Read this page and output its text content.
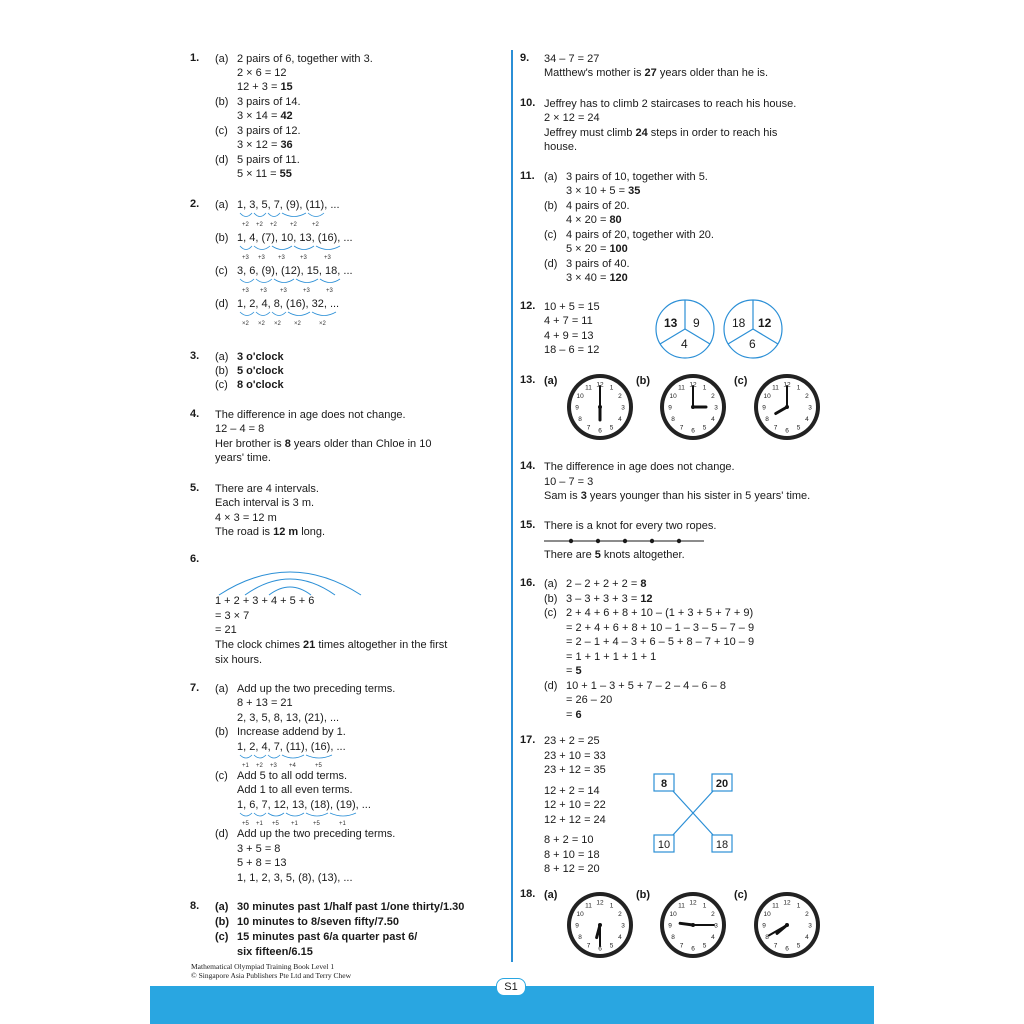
1. (a) 2 pairs of 6, together with 3.
2 × 6 = 12
12 + 3 = 15
(b) 3 pairs of 14.
3 × 14 = 42
(c) 3 pairs of 12.
3 × 12 = 36
(d) 5 pairs of 11.
5 × 11 = 55
2. (a) 1, 3, 5, 7, (9), (11), ...
+2 +2 +2 +2	+2
(b) 1, 4, (7), 10, 13, (16), ...
+3 +3 +3	+3	+3
(c) 3, 6, (9), (12), 15, 18, ...
+3 +3 +3	+3	+3
(d) 1, 2, 4, 8, (16), 32, ...
×2 ×2 ×2 ×2	×2
3. (a) 3 o'clock
(b) 5 o'clock
(c) 8 o'clock
4. The difference in age does not change.
12 – 4 = 8
Her brother is 8 years older than Chloe in 10
years' time.
5. There are 4 intervals.
Each interval is 3 m.
4 × 3 = 12 m
The road is 12 m long.
6.
1 + 2 + 3 + 4 + 5 + 6
= 3 × 7
= 21
The clock chimes 21 times altogether in the first
six hours.
7. (a) Add up the two preceding terms.
8 + 13 = 21
2, 3, 5, 8, 13, (21), ...
(b) Increase addend by 1.
1, 2, 4, 7, (11), (16), ...
+1 +2 +3 +4	+5
(c) Add 5 to all odd terms.
Add 1 to all even terms.
1, 6, 7, 12, 13, (18), (19), ...
+5 +1 +5 +1	+5	+1
(d) Add up the two preceding terms.
3 + 5 = 8
5 + 8 = 13
1, 1, 2, 3, 5, (8), (13), ...
8. (a) 30 minutes past 1/half past 1/one thirty/1.30
(b) 10 minutes to 8/seven fifty/7.50
(c) 15 minutes past 6/a quarter past 6/
six fifteen/6.15
9. 34 – 7 = 27
Matthew's mother is 27 years older than he is.
10. Jeffrey has to climb 2 staircases to reach his house.
2 × 12 = 24
Jeffrey must climb 24 steps in order to reach his
house.
11. (a) 3 pairs of 10, together with 5.
3 × 10 + 5 = 35
(b) 4 pairs of 20.
4 × 20 = 80
(c) 4 pairs of 20, together with 20.
5 × 20 = 100
(d) 3 pairs of 40.
3 × 40 = 120
12. 10 + 5 = 15
4 + 7 = 11
4 + 9 = 13
18 – 6 = 12
13 9
4
18 12
6
13. (a)	(b)	(c)
1
2
3
4
5
6
7
8
9
10
11 12	1
2
3
4
5
6
7
8
9
10
11 12	1
2
3
4
5
6
7
8
9
10
11 12
14. The difference in age does not change.
10 – 7 = 3
Sam is 3 years younger than his sister in 5 years' time.
15. There is a knot for every two ropes.
There are 5 knots altogether.
16. (a) 2 – 2 + 2 + 2 = 8
(b) 3 – 3 + 3 + 3 = 12
(c) 2 + 4 + 6 + 8 + 10 – (1 + 3 + 5 + 7 + 9)
= 2 + 4 + 6 + 8 + 10 – 1 – 3 – 5 – 7 – 9
= 2 – 1 + 4 – 3 + 6 – 5 + 8 – 7 + 10 – 9
= 1 + 1 + 1 + 1 + 1
= 5
(d) 10 + 1 – 3 + 5 + 7 – 2 – 4 – 6 – 8
= 26 – 20
= 6
17. 23 + 2 = 25
23 + 10 = 33
23 + 12 = 35
12 + 2 = 14
12 + 10 = 22
12 + 12 = 24
8 + 2 = 10
8 + 10 = 18
8 + 12 = 20
8	20
10	18
18. (a)	(b)	(c)
1
2
3
4
5
6
7
8
9
10
11 12	1
2
3
4
5
6
7
8
9
10
11 12	1
2
3
4
5
6
7
8
9
10
11 12
Mathematical Olympiad Training Book Level 1
© Singapore Asia Publishers Pte Ltd and Terry Chew
S1
